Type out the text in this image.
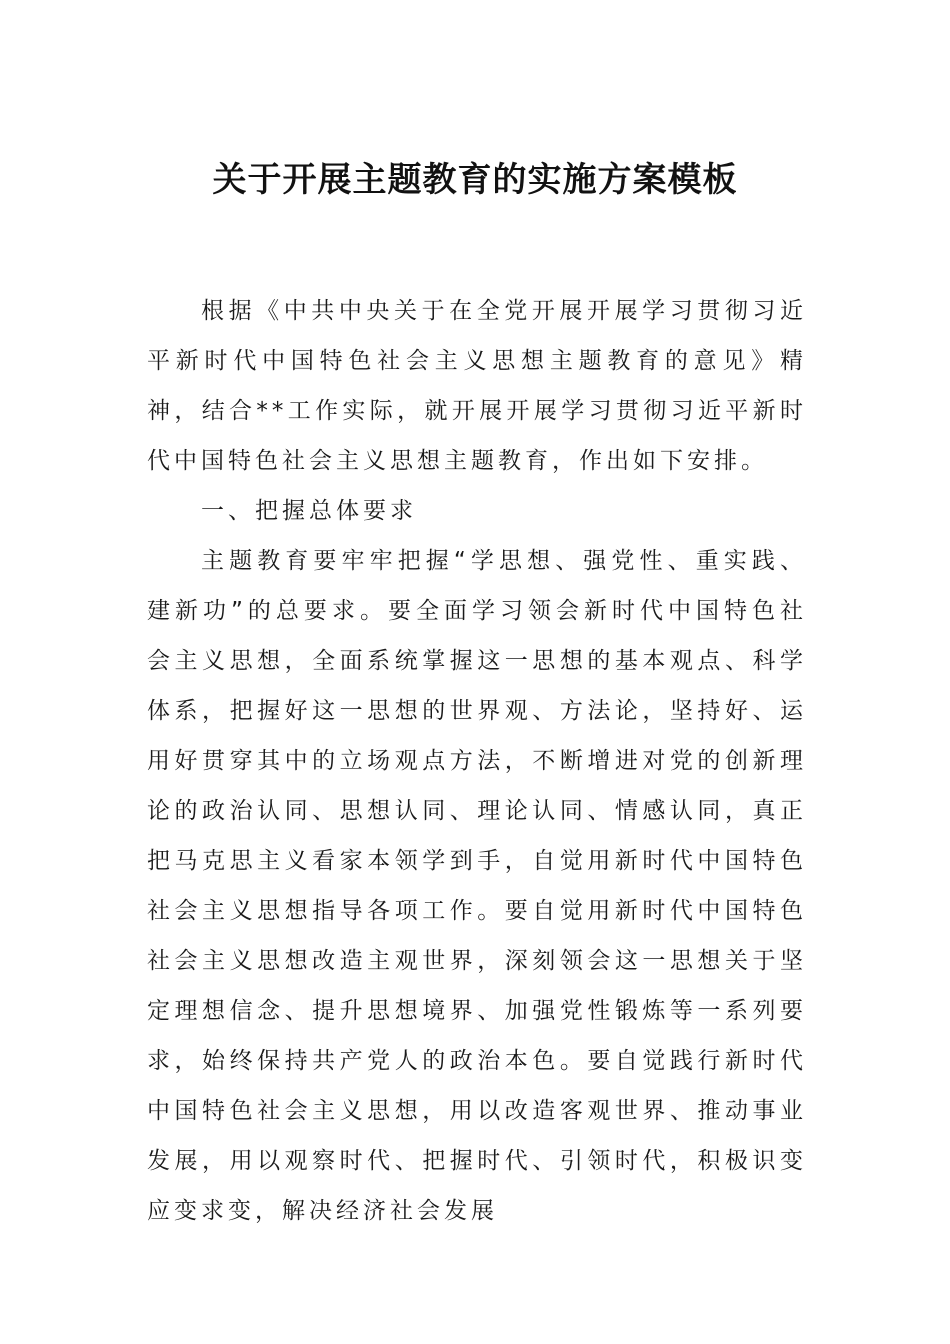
关于开展主题教育的实施方案模板

根据《中共中央关于在全党开展开展学习贯彻习近平新时代中国特色社会主义思想主题教育的意见》精神，结合**工作实际，就开展开展学习贯彻习近平新时代中国特色社会主义思想主题教育，作出如下安排。

一、把握总体要求

主题教育要牢牢把握“学思想、强党性、重实践、建新功”的总要求。要全面学习领会新时代中国特色社会主义思想，全面系统掌握这一思想的基本观点、科学体系，把握好这一思想的世界观、方法论，坚持好、运用好贯穿其中的立场观点方法，不断增进对党的创新理论的政治认同、思想认同、理论认同、情感认同，真正把马克思主义看家本领学到手，自觉用新时代中国特色社会主义思想指导各项工作。要自觉用新时代中国特色社会主义思想改造主观世界，深刻领会这一思想关于坚定理想信念、提升思想境界、加强党性锻炼等一系列要求，始终保持共产党人的政治本色。要自觉践行新时代中国特色社会主义思想，用以改造客观世界、推动事业发展，用以观察时代、把握时代、引领时代，积极识变应变求变，解决经济社会发展
